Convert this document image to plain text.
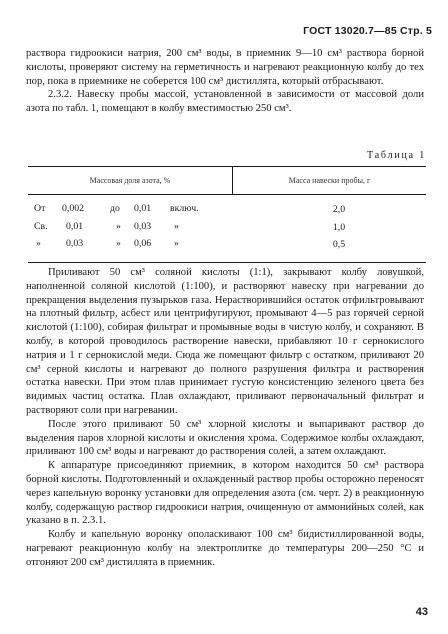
ГОСТ 13020.7—85 Стр. 5

раствора гидроокиси натрия, 200 см³ воды, в приемник 9—10 см³ раствора борной кислоты, проверяют систему на герметичность и нагревают реакционную колбу до тех пор, пока в приемнике не соберется 100 см³ дистиллята, который отбрасывают.

2.3.2. Навеску пробы массой, установленной в зависимости от массовой доли азота по табл. 1, помещают в колбу вместимостью 250 см³.

Таблица 1
Массовая доля азота, %	Масса навески пробы, г
От 0,002	до 0,01 включ.	2,0
Св. 0,01	» 0,03 »	1,0
»	0,03	» 0,06 »	0,5

Приливают 50 см³ соляной кислоты (1:1), закрывают колбу ловушкой, наполненной соляной кислотой (1:100), и растворяют навеску при нагревании до прекращения выделения пузырьков газа. Нерастворившийся остаток отфильтровывают на плотный фильтр, асбест или центрифугируют, промывают 4—5 раз горячей серной кислотой (1:100), собирая фильтрат и промывные воды в чистую колбу, и сохраняют. В колбу, в которой проводилось растворение навески, прибавляют 10 г сернокислого натрия и 1 г сернокислой меди. Сюда же помещают фильтр с остатком, приливают 20 см³ серной кислоты и нагревают до полного разрушения фильтра и растворения остатка навески. При этом плав принимает густую консистенцию зеленого цвета без видимых частиц остатка. Плав охлаждают, приливают первоначальный фильтрат и растворяют соли при нагревании.

После этого приливают 50 см³ хлорной кислоты и выпаривают раствор до выделения паров хлорной кислоты и окисления хрома. Содержимое колбы охлаждают, приливают 100 см³ воды и нагревают до растворения солей, а затем охлаждают.

К аппаратуре присоединяют приемник, в котором находится 50 см³ раствора борной кислоты. Подготовленный и охлажденный раствор пробы осторожно переносят через капельную воронку установки для определения азота (см. черт. 2) в реакционную колбу, содержащую раствор гидроокиси натрия, очищенную от аммонийных солей, как указано в п. 2.3.1.

Колбу и капельную воронку ополаскивают 100 см³ бидистиллированной воды, нагревают реакционную колбу на электроплитке до температуры 200—250 °С и отгоняют 200 см³ дистиллята в приемник.

43
